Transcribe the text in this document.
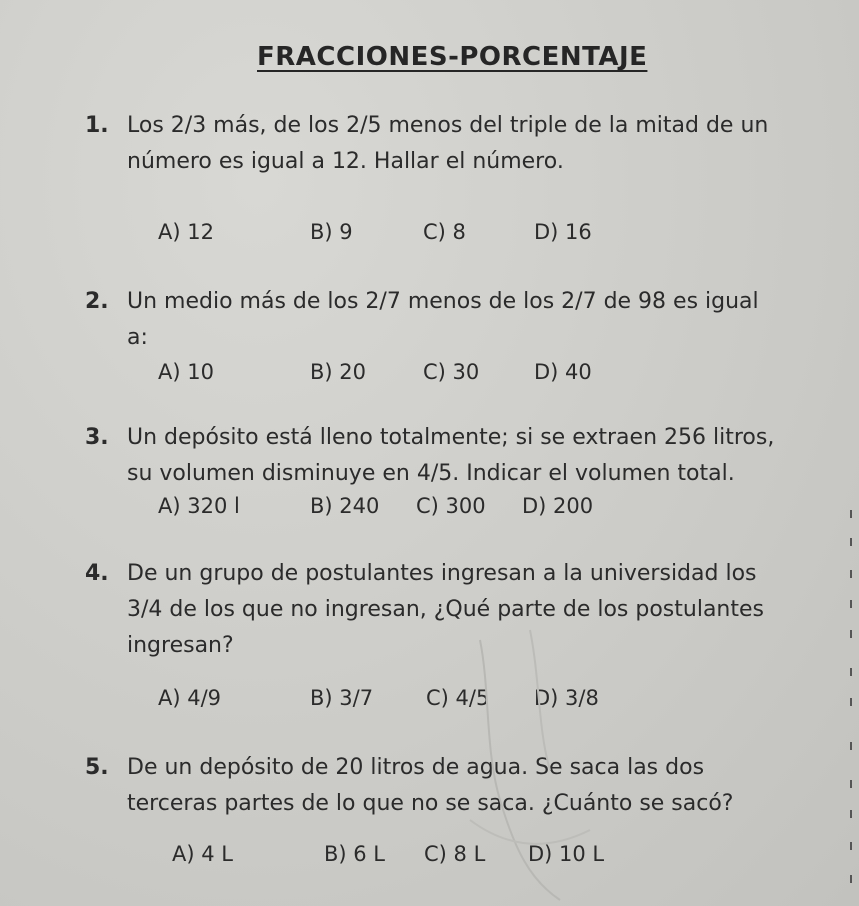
FRACCIONES-PORCENTAJE
1. Los 2/3 más, de los 2/5 menos del triple de la mitad de un
número es igual a 12. Hallar el número.
A) 12	B) 9	C) 8	D) 16
2. Un medio más de los 2/7 menos de los 2/7 de 98 es igual
a:
A) 10	B) 20	C) 30	D) 40
3. Un depósito está lleno totalmente; si se extraen 256 litros,
su volumen disminuye en 4/5. Indicar el volumen total.
A) 320 l	B) 240 C) 300 D) 200
4. De un grupo de postulantes ingresan a la universidad los
3/4 de los que no ingresan, ¿Qué parte de los postulantes
ingresan?
A) 4/9	B) 3/7	C) 4/5 D) 3/8
5. De un depósito de 20 litros de agua. Se saca las dos
terceras partes de lo que no se saca. ¿Cuánto se sacó?
A) 4 L	B) 6 L C) 8 L D) 10 L
